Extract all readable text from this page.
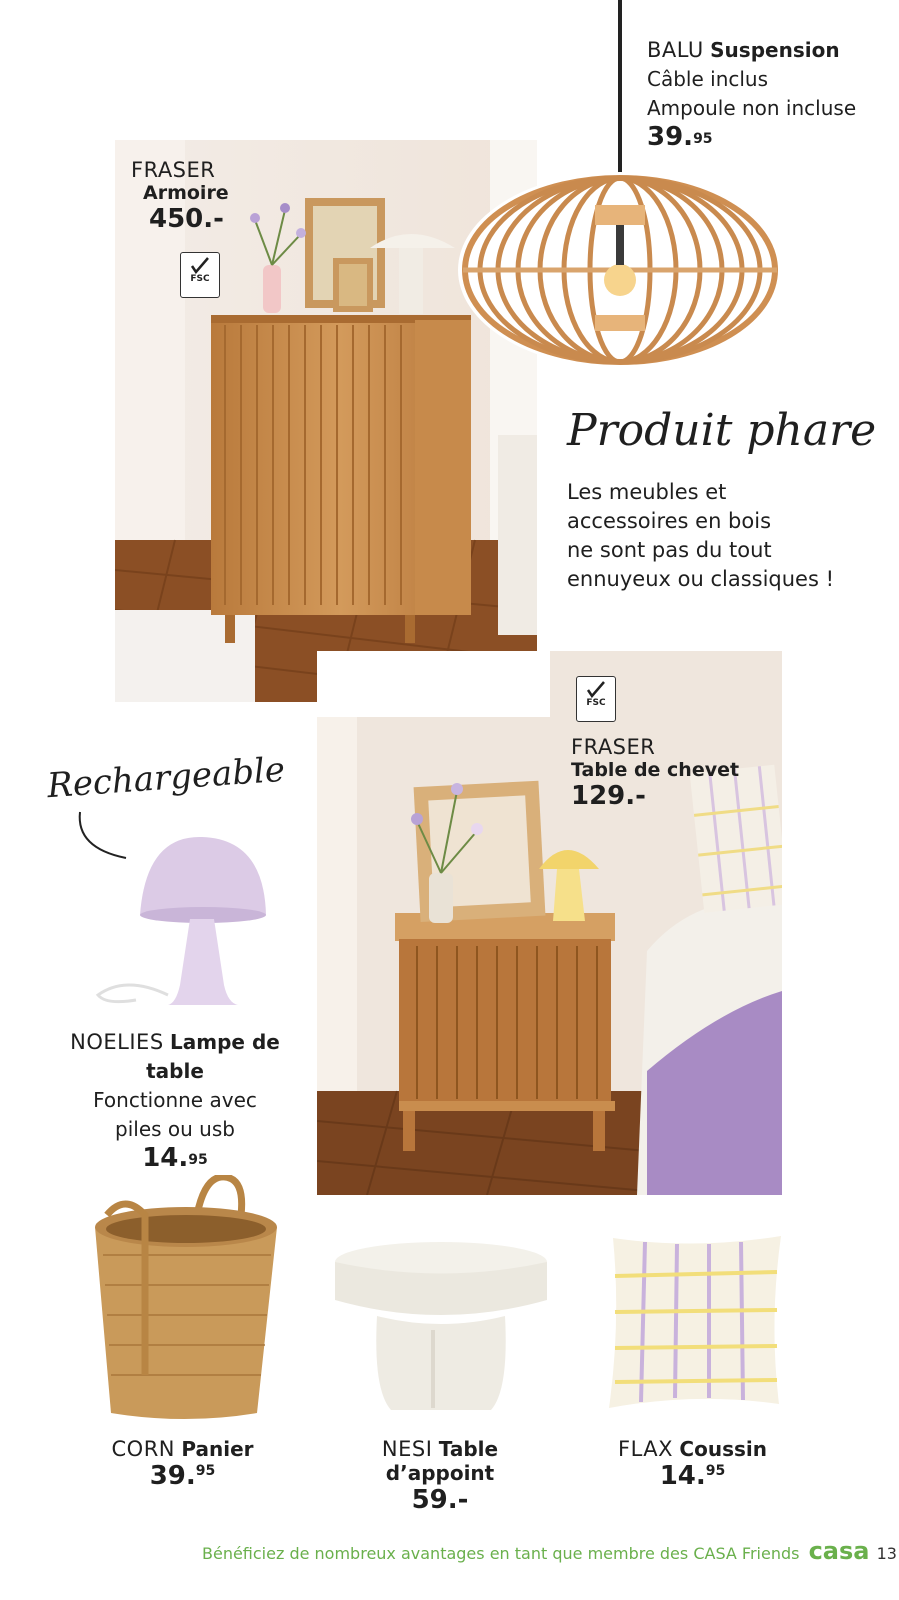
FRASER
Armoire
450.-
FSC
BALU Suspension
Câble inclus
Ampoule non incluse
39.95
Produit phare
Les meubles et
accessoires en bois
ne sont pas du tout
ennuyeux ou classiques !
FSC
FRASER
Table de chevet
129.-
Rechargeable
NOELIES Lampe de table
Fonctionne avec
piles ou usb
14.95
CORN Panier
39.95
NESI Table d’appoint
59.-
FLAX Coussin
14.95
Bénéficiez de nombreux avantages en tant que membre des CASA Friends casa 13
